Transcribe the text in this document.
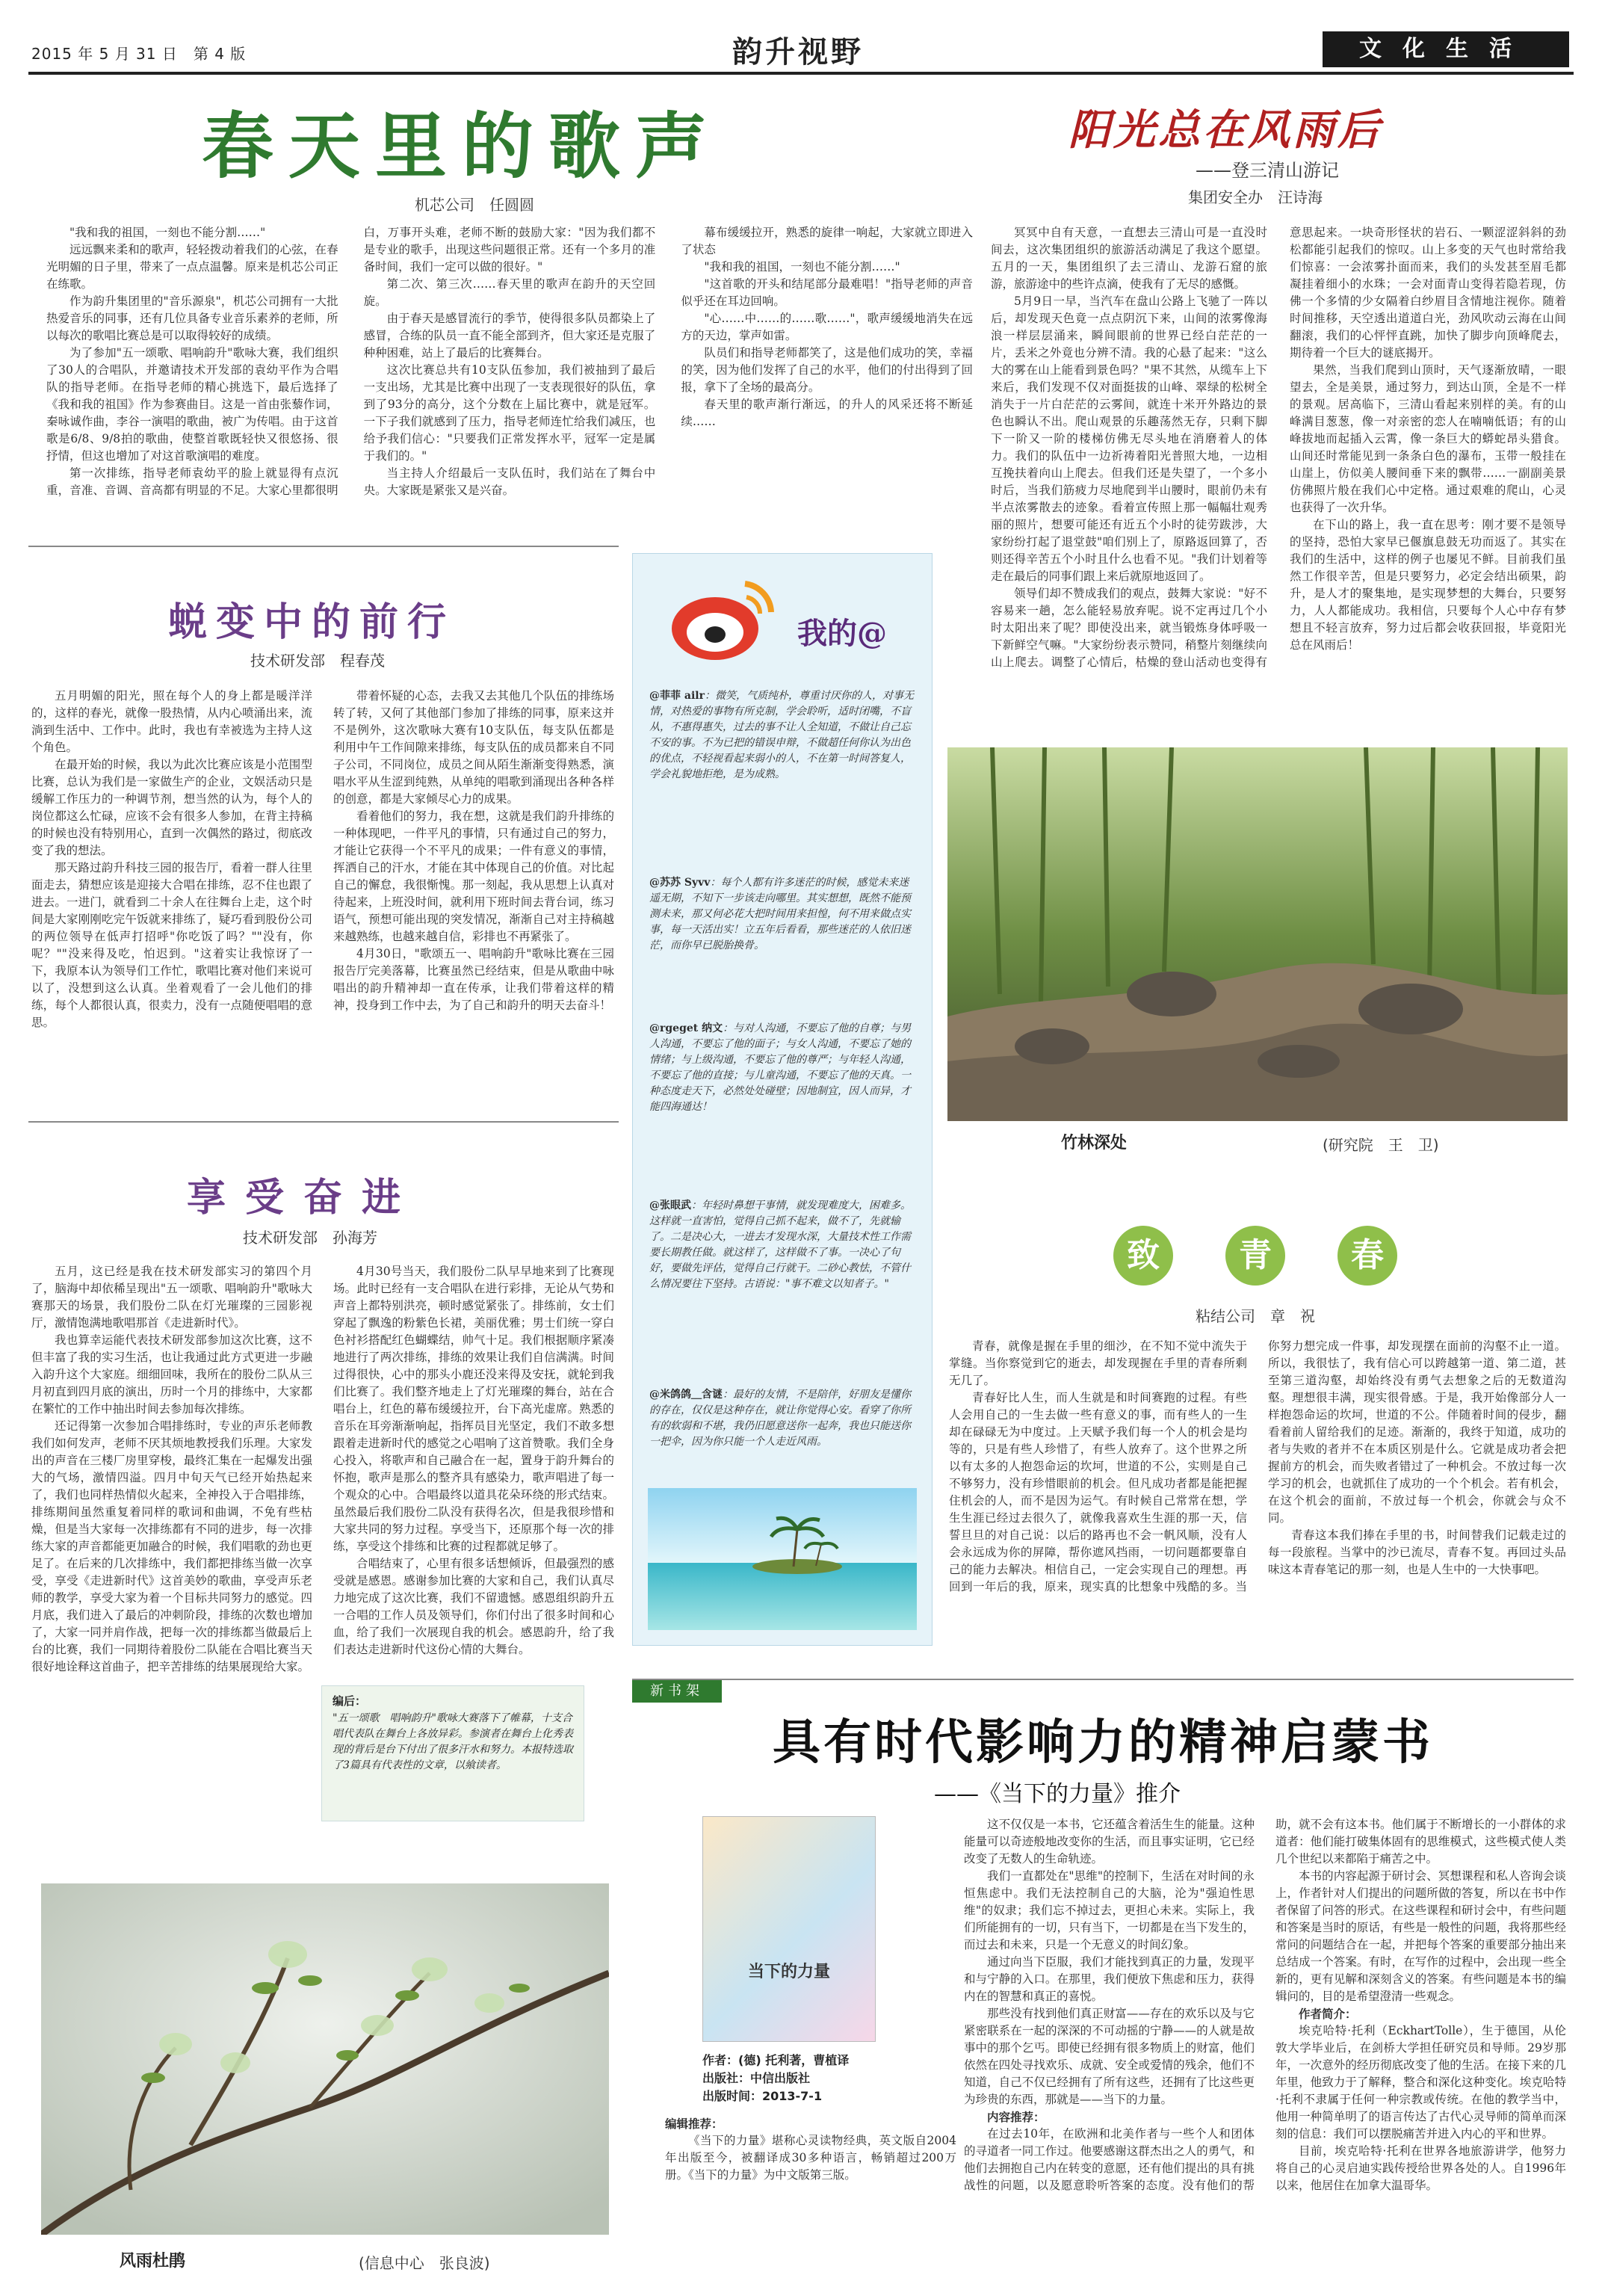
2015 年 5 月 31 日　第 4 版	韵升视野	文化生活
春天里的歌声
机芯公司　任圆圆

"我和我的祖国，一刻也不能分割……"

远远飘来柔和的歌声，轻轻拨动着我们的心弦，在春光明媚的日子里，带来了一点点温馨。原来是机芯公司正在练歌。

作为韵升集团里的"音乐源泉"，机芯公司拥有一大批热爱音乐的同事，还有几位具备专业音乐素养的老师，所以每次的歌唱比赛总是可以取得较好的成绩。

为了参加"五一颂歌、唱响韵升"歌咏大赛，我们组织了30人的合唱队，并邀请技术开发部的袁幼平作为合唱队的指导老师。在指导老师的精心挑选下，最后选择了《我和我的祖国》作为参赛曲目。这是一首由张藜作词，秦咏诚作曲，李谷一演唱的歌曲，被广为传唱。由于这首歌是6/8、9/8拍的歌曲，使整首歌既轻快又很悠扬、很抒情，但这也增加了对这首歌演唱的难度。

第一次排练，指导老师袁幼平的脸上就显得有点沉重，音准、音调、音高都有明显的不足。大家心里都很明白，万事开头难，老师不断的鼓励大家："因为我们都不是专业的歌手，出现这些问题很正常。还有一个多月的准备时间，我们一定可以做的很好。"

第二次、第三次……春天里的歌声在韵升的天空回旋。

由于春天是感冒流行的季节，使得很多队员都染上了感冒，合练的队员一直不能全部到齐，但大家还是克服了种种困难，站上了最后的比赛舞台。

这次比赛总共有10支队伍参加，我们被抽到了最后一支出场，尤其是比赛中出现了一支表现很好的队伍，拿到了93分的高分，这个分数在上届比赛中，就是冠军。一下子我们就感到了压力，指导老师连忙给我们减压，也给予我们信心："只要我们正常发挥水平，冠军一定是属于我们的。"

当主持人介绍最后一支队伍时，我们站在了舞台中央。大家既是紧张又是兴奋。

幕布缓缓拉开，熟悉的旋律一响起，大家就立即进入了状态

"我和我的祖国，一刻也不能分割……"

"这首歌的开头和结尾部分最难唱！"指导老师的声音似乎还在耳边回响。

"心……中……的……歌……"，歌声缓缓地消失在远方的天边，掌声如雷。

队员们和指导老师都笑了，这是他们成功的笑，幸福的笑，因为他们发挥了自己的水平，他们的付出得到了回报，拿下了全场的最高分。

春天里的歌声渐行渐远，的升人的风采还将不断延续……

阳光总在风雨后
——登三清山游记
集团安全办　汪诗海

冥冥中自有天意，一直想去三清山可是一直没时间去，这次集团组织的旅游活动满足了我这个愿望。五月的一天，集团组织了去三清山、龙游石窟的旅游，旅游途中的些许点滴，使我有了无尽的感慨。

5月9日一早，当汽车在盘山公路上飞驰了一阵以后，却发现天色竟一点点阴沉下来，山间的浓雾像海浪一样层层涌来，瞬间眼前的世界已经白茫茫的一片，丢米之外竟也分辨不清。我的心悬了起来："这么大的雾在山上能看到景色吗？"果不其然，从缆车上下来后，我们发现不仅对面挺拔的山峰、翠绿的松树全消失于一片白茫茫的云雾间，就连十米开外路边的景色也瞬认不出。爬山观景的乐趣荡然无存，只剩下脚下一阶又一阶的楼梯仿佛无尽头地在消磨着人的体力。我们的队伍中一边祈祷着阳光普照大地，一边相互挽扶着向山上爬去。但我们还是失望了，一个多小时后，当我们筋疲力尽地爬到半山腰时，眼前仍未有半点浓雾散去的迹象。看着宣传照上那一幅幅壮观秀丽的照片，想要可能还有近五个小时的徒劳跋涉，大家纷纷打起了退堂鼓"咱们别上了，原路返回算了，否则还得辛苦五个小时且什么也看不见。"我们计划着等走在最后的同事们跟上来后就原地返回了。

领导们却不赞成我们的观点，鼓舞大家说："好不容易来一趟，怎么能轻易放弃呢。说不定再过几个小时太阳出来了呢？即使没出来，就当锻炼身体呼吸一下新鲜空气嘛。"大家纷纷表示赞同，稍整片刻继续向山上爬去。调整了心情后，枯燥的登山活动也变得有意思起来。一块奇形怪状的岩石、一颗涩涩斜斜的劲松都能引起我们的惊叹。山上多变的天气也时常给我们惊喜：一会浓雾扑面而来，我们的头发甚至眉毛都凝挂着细小的水珠；一会对面青山变得若隐若现，仿佛一个多情的少女隔着白纱眉目含情地注视你。随着时间推移，天空透出道道白光，劲风吹动云海在山间翻滚，我们的心怦怦直跳，加快了脚步向顶峰爬去，期待着一个巨大的谜底揭开。

果然，当我们爬到山顶时，天气逐渐放晴，一眼望去，全是美景，通过努力，到达山顶，全是不一样的景观。居高临下，三清山看起来别样的美。有的山峰满目葱葱，像一对亲密的恋人在喃喃低语；有的山峰拔地而起插入云霄，像一条巨大的蟒蛇昂头猎食。山间还时常能见到一条条白色的瀑布，玉带一般挂在山崖上，仿似美人腰间垂下来的飘带……一副副美景仿佛照片般在我们心中定格。通过艰难的爬山，心灵也获得了一次升华。

在下山的路上，我一直在思考：刚才要不是领导的坚持，恐怕大家早已偃旗息鼓无功而返了。其实在我们的生活中，这样的例子也屡见不鲜。目前我们虽然工作很辛苦，但是只要努力，必定会结出硕果，韵升，是人才的聚集地，是实现梦想的大舞台，只要努力，人人都能成功。我相信，只要每个人心中存有梦想且不轻言放弃，努力过后都会收获回报，毕竟阳光总在风雨后！

蜕变中的前行
技术研发部　程春茂

五月明媚的阳光，照在每个人的身上都是暖洋洋的，这样的春光，就像一股热情，从内心喷涌出来，流淌到生活中、工作中。此时，我也有幸被选为主持人这个角色。

在最开始的时候，我以为此次比赛应该是小范围型比赛，总认为我们是一家做生产的企业，文娱活动只是缓解工作压力的一种调节剂，想当然的认为，每个人的岗位都这么忙碌，应该不会有很多人参加，在背主持稿的时候也没有特别用心，直到一次偶然的路过，彻底改变了我的想法。

那天路过韵升科技三园的报告厅，看着一群人往里面走去，猜想应该是迎接大合唱在排练，忍不住也跟了进去。一进门，就看到二十余人在往舞台上走，这个时间是大家刚刚吃完午饭就来排练了，疑巧看到股份公司的两位领导在低声打招呼"你吃饭了吗？""没有，你呢？""没来得及吃，怕迟到。"这着实让我惊讶了一下，我原本认为领导们工作忙，歌唱比赛对他们来说可以了，没想到这么认真。坐着观看了一会儿他们的排练，每个人都很认真，很卖力，没有一点随便唱唱的意思。

带着怀疑的心态，去我又去其他几个队伍的排练场转了转，又何了其他部门参加了排练的同事，原来这并不是例外，这次歌咏大赛有10支队伍，每支队伍都是利用中午工作间隙来排练，每支队伍的成员都来自不同子公司，不同岗位，成员之间从陌生渐渐变得熟悉，演唱水平从生涩到纯熟，从单纯的唱歌到涌现出各种各样的创意，都是大家倾尽心力的成果。

看着他们的努力，我在想，这就是我们韵升排练的一种体现吧，一件平凡的事情，只有通过自己的努力，才能让它获得一个不平凡的成果；一件有意义的事情，挥洒自己的汗水，才能在其中体现自己的价值。对比起自己的懈怠，我很惭愧。那一刻起，我从思想上认真对待起来，上班没时间，就利用下班时间去背台词，练习语气，预想可能出现的突发情况，渐渐自己对主持稿越来越熟练，也越来越自信，彩排也不再紧张了。

4月30日，"歌颂五一、唱响韵升"歌咏比赛在三园报告厅完美落幕，比赛虽然已经结束，但是从歌曲中咏唱出的韵升精神却一直在传承，让我们带着这样的精神，投身到工作中去，为了自己和韵升的明天去奋斗！

享受奋进
技术研发部　孙海芳

五月，这已经是我在技术研发部实习的第四个月了，脑海中却依稀呈现出"五一颂歌、唱响韵升"歌咏大赛那天的场景，我们股份二队在灯光璀璨的三园影视厅，激情饱满地歌唱那首《走进新时代》。

我也算幸运能代表技术研发部参加这次比赛，这不但丰富了我的实习生活，也让我通过此方式更进一步融入韵升这个大家庭。细细回味，我所在的股份二队从三月初直到四月底的演出，历时一个月的排练中，大家都在繁忙的工作中抽出时间去参加每次排练。

还记得第一次参加合唱排练时，专业的声乐老师教我们如何发声，老师不厌其烦地教授我们乐理。大家发出的声音在三楼厂房里穿梭，最终汇集在一起爆发出强大的气场，激情四溢。四月中旬天气已经开始热起来了，我们也同样热情似火起来，全神投入于合唱排练，排练期间虽然重复着同样的歌词和曲调，不免有些枯燥，但是当大家每一次排练都有不同的进步，每一次排练大家的声音都能更加融合的时候，我们唱歌的劲也更足了。在后来的几次排练中，我们都把排练当做一次享受，享受《走进新时代》这首美妙的歌曲，享受声乐老师的教学，享受大家为着一个目标共同努力的感觉。四月底，我们进入了最后的冲刺阶段，排练的次数也增加了，大家一同并肩作战，把每一次的排练都当做最后上台的比赛，我们一同期待着股份二队能在合唱比赛当天很好地诠释这首曲子，把辛苦排练的结果展现给大家。

4月30号当天，我们股份二队早早地来到了比赛现场。此时已经有一支合唱队在进行彩排，无论从气势和声音上都特别洪亮，顿时感觉紧张了。排练前，女士们穿起了飘逸的粉紫色长裙，美丽优雅；男士们统一穿白色衬衫搭配红色蝴蝶结，帅气十足。我们根据顺序紧凑地进行了两次排练，排练的效果让我们自信满满。时间过得很快，心中的那头小鹿还没来得及安抚，就轮到我们比赛了。我们整齐地走上了灯光璀璨的舞台，站在合唱台上，红色的幕布缓缓拉开，台下高光虚席。熟悉的音乐在耳旁渐渐响起，指挥员目光坚定，我们不敢多想跟着走进新时代的感觉之心唱响了这首赞歌。我们全身心投入，将歌声和自己融合在一起，置身于韵升舞台的怀抱，歌声是那么的整齐具有感染力，歌声唱进了每一个观众的心中。合唱最终以道具花朵环绕的形式结束。虽然最后我们股份二队没有获得名次，但是我很珍惜和大家共同的努力过程。享受当下，还原那个每一次的排练，享受这个排练和比赛的过程都就足够了。

合唱结束了，心里有很多话想倾诉，但最强烈的感受就是感恩。感谢参加比赛的大家和自己，我们认真尽力地完成了这次比赛，我们不留遗憾。感恩组织韵升五一合唱的工作人员及领导们，你们付出了很多时间和心血，给了我们一次展现自我的机会。感恩韵升，给了我们表达走进新时代这份心情的大舞台。

编后：
"五一颂歌　唱响韵升"歌咏大赛落下了帷幕，十支合唱代表队在舞台上各放异彩。参演者在舞台上化秀表现的背后是台下付出了很多汗水和努力。本报特选取了3篇具有代表性的文章，以飨读者。
风雨杜鹃	(信息中心　张良波)
我的@
@菲菲 ailr：微笑，气质纯朴，尊重讨厌你的人，对事无情，对热爱的事物有所克制，学会聆听，适时闭嘴，不盲从，不惠得惠失，过去的事不让人全知道，不做让自己忘不安的事。不为已把的错误申辩，不做超任何你认为出色的优点，不轻视看起来弱小的人，不在第一时间答复人，学会礼貌地拒绝，是为成熟。
@苏苏 Syvv：每个人都有许多迷茫的时候，感觉未来迷遥无期，不知下一步该走向哪里。其实想想，既然不能预测未来，那又何必花大把时间用来担惶，何不用来做点实事，每一天活出实！立五年后看看，那些迷茫的人依旧迷茫，而你早已脱胎换骨。
@rgeget 纳文：与对人沟通，不要忘了他的自尊；与男人沟通，不要忘了他的面子；与女人沟通，不要忘了她的情绪；与上级沟通，不要忘了他的尊严；与年轻人沟通，不要忘了他的直接；与儿童沟通，不要忘了他的天真。一种态度走天下，必然处处碰壁；因地制宜，因人而异，才能四海通达！
@张眼武：年轻时鼻想干事情，就发现难度大，困难多。这样就一直害怕，觉得自己抓不起来，做不了，先就输了。二是决心大，一进去才发现水深，大量技术性工作需要长期教任做。就这样了，这样做不了事。一决心了句好，要做先评估，觉得自己行就干。二砂心教怯，不管什么情况要往下坚持。古语说："事不难文以知者子。"
@米鸽鸽＿含谜：最好的友情，不是陪伴，好朋友是懂你的存在，仅仅是这种存在，就让你觉得心安。看穿了你所有的软弱和不堪，我仍旧愿意送你一起奔，我也只能送你一把伞，因为你只能一个人走近风雨。
竹林深处	(研究院　王　卫)
致	青	春
粘结公司　章　祝

青春，就像是握在手里的细沙，在不知不觉中流失于掌缝。当你察觉到它的逝去，却发现握在手里的青春所剩无几了。

青春好比人生，而人生就是和时间赛跑的过程。有些人会用自己的一生去做一些有意义的事，而有些人的一生却在碌碌无为中度过。上天赋予我们每一个人的机会是均等的，只是有些人珍惜了，有些人放弃了。这个世界之所以有太多的人抱怨命运的坎坷，世道的不公，实则是自己不够努力，没有珍惜眼前的机会。但凡成功者都是能把握住机会的人，而不是因为运气。有时候自己常常在想，学生生涯已经过去很久了，就像我喜欢生生涯的那一天，信誓旦旦的对自己说：以后的路再也不会一帆风顺，没有人会永远成为你的屏障，帮你遮风挡雨，一切问题都要靠自己的能力去解决。相信自己，一定会实现自己的理想。再回到一年后的我，原来，现实真的比想象中残酷的多。当你努力想完成一件事，却发现摆在面前的沟壑不止一道。所以，我很怯了，我有信心可以跨越第一道、第二道，甚至第三道沟壑，却始终没有勇气去想象之后的无数道沟壑。理想很丰满，现实很骨感。于是，我开始像部分人一样抱怨命运的坎坷，世道的不公。伴随着时间的侵步，翻看着前人留给我们的足迹。渐渐的，我终于知道，成功的者与失败的者并不在本质区别是什么。它就是成功者会把握前方的机会，而失败者错过了一种机会。不放过每一次学习的机会，也就抓住了成功的一个个机会。若有机会，在这个机会的面前，不放过每一个机会，你就会与众不同。

青春这本我们捧在手里的书，时间替我们记载走过的每一段旅程。当掌中的沙已流尽，青春不复。再回过头品味这本青春笔记的那一刻，也是人生中的一大快事吧。

新书架
具有时代影响力的精神启蒙书
——《当下的力量》推介
当下的力量
作者：(德) 托利著，曹植译
出版社：中信出版社
出版时间：2013-7-1
编辑推荐：

《当下的力量》堪称心灵读物经典，英文版自2004年出版至今，被翻译成30多种语言，畅销超过200万册。《当下的力量》为中文版第三版。

这不仅仅是一本书，它还蕴含着活生生的能量。这种能量可以奇迹般地改变你的生活，而且事实证明，它已经改变了无数人的生命轨迹。

我们一直都处在"思维"的控制下，生活在对时间的永恒焦虑中。我们无法控制自己的大脑，沦为"强迫性思维"的奴隶；我们忘不掉过去，更担心未来。实际上，我们所能拥有的一切，只有当下，一切都是在当下发生的，而过去和未来，只是一个无意义的时间幻象。

通过向当下臣服，我们才能找到真正的力量，发现平和与宁静的入口。在那里，我们便放下焦虑和压力，获得内在的智慧和真正的喜悦。

那些没有找到他们真正财富——存在的欢乐以及与它紧密联系在一起的深深的不可动摇的宁静——的人就是故事中的那个乞丐。即使已经拥有很多物质上的财富，他们依然在四处寻找欢乐、成就、安全或爱情的残余，他们不知道，自己不仅已经拥有了所有这些，还拥有了比这些更为珍贵的东西，那就是——当下的力量。

内容推荐：

在过去10年，在欧洲和北美作者与一些个人和团体的寻道者一同工作过。他要感谢这群杰出之人的勇气，和他们去拥抱自己内在转变的意愿，还有他们提出的具有挑战性的问题，以及愿意聆听答案的态度。没有他们的帮助，就不会有这本书。他们属于不断增长的一小群体的求道者：他们能打破集体固有的思维模式，这些模式使人类几个世纪以来都陷于痛苦之中。

本书的内容起源于研讨会、冥想课程和私人咨询会谈上，作者针对人们提出的问题所做的答复，所以在书中作者保留了问答的形式。在这些课程和研讨会中，有些问题和答案是当时的原话，有些是一般性的问题，我将那些经常问的问题结合在一起，并把每个答案的重要部分抽出来总结成一个答案。有时，在写作的过程中，会出现一些全新的，更有见解和深刻含义的答案。有些问题是本书的编辑问的，目的是希望澄清一些观念。

作者简介：

埃克哈特·托利（EckhartTolle），生于德国，从伦敦大学毕业后，在剑桥大学担任研究员和导师。29岁那年，一次意外的经历彻底改变了他的生活。在接下来的几年里，他致力于了解释，整合和深化这种变化。埃克哈特·托利不隶属于任何一种宗教或传统。在他的教学当中，他用一种简单明了的语言传达了古代心灵导师的简单而深刻的信息：我们可以摆脱痛苦并进入内心的平和世界。

目前，埃克哈特·托利在世界各地旅游讲学，他努力将自己的心灵启迪实践传授给世界各处的人。自1996年以来，他居住在加拿大温哥华。
